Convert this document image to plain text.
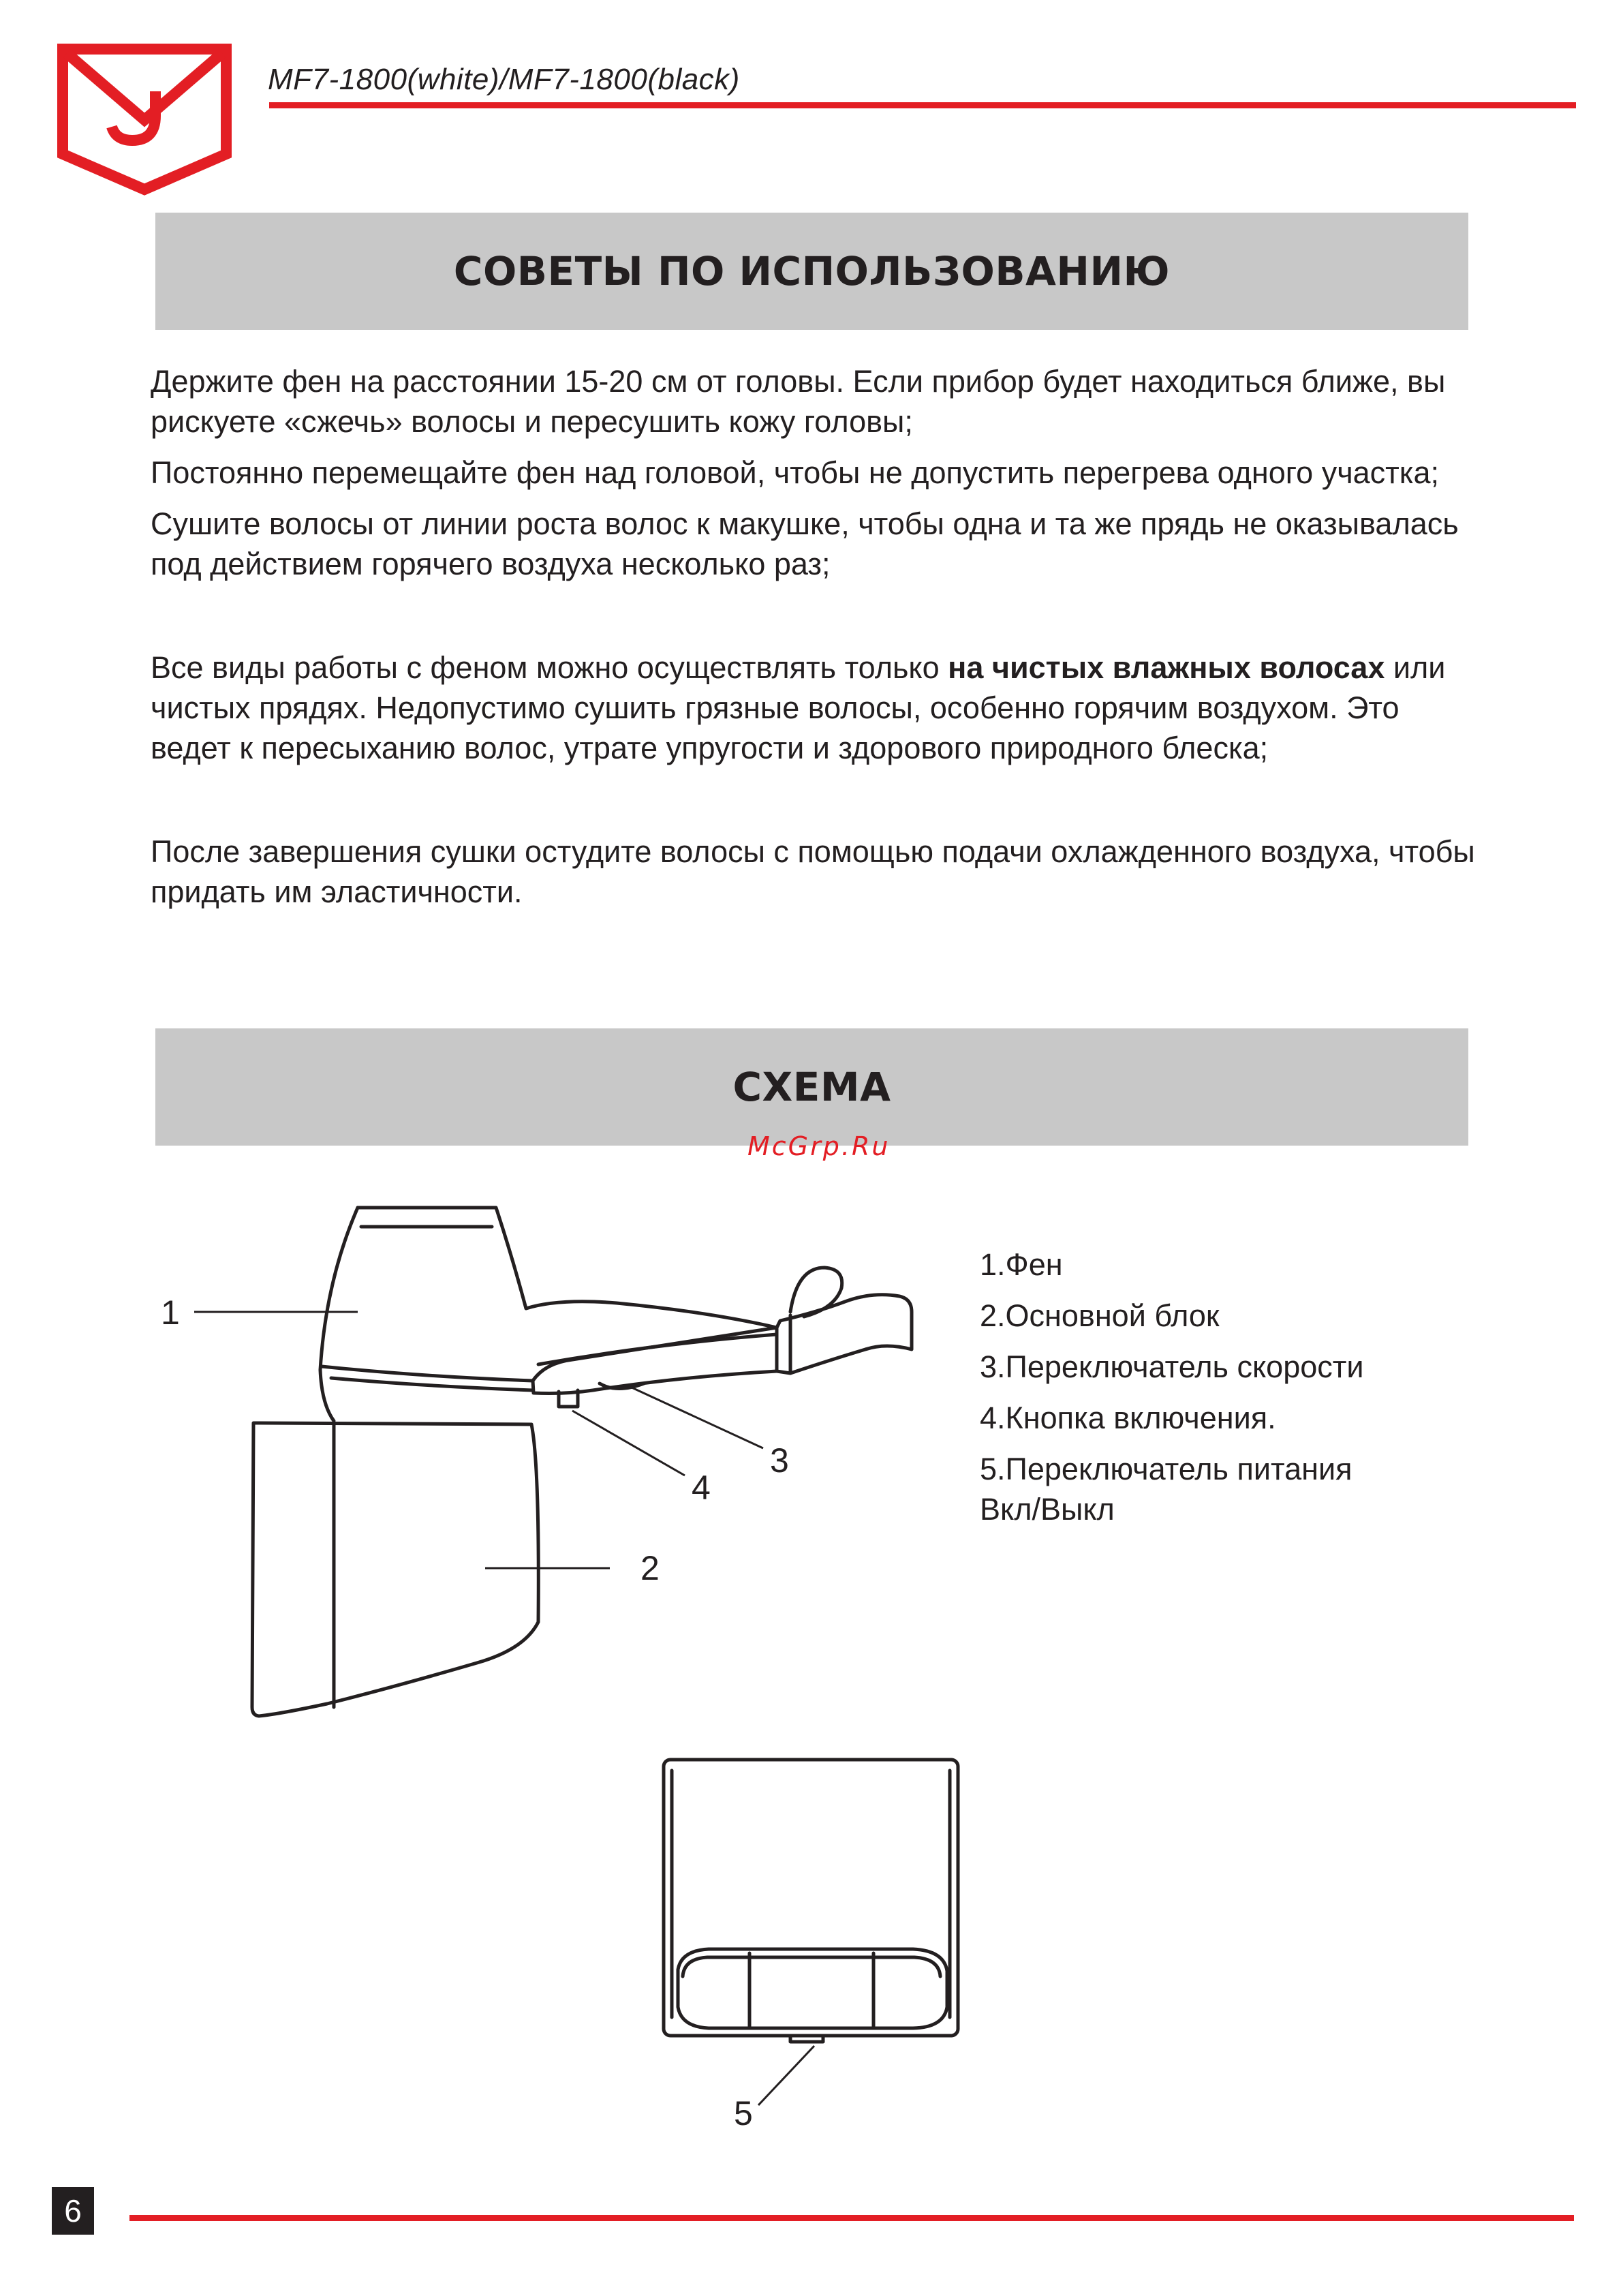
MF7-1800(white)/MF7-1800(black)
СОВЕТЫ ПО ИСПОЛЬЗОВАНИЮ

Держите фен на расстоянии 15-20 см от головы. Если прибор будет находиться ближе, вы рискуете «сжечь» волосы и пересушить кожу головы;

Постоянно перемещайте фен над головой, чтобы не допустить перегрева одного участка;

Сушите волосы от линии роста волос к макушке, чтобы одна и та же прядь не оказывалась под действием горячего воздуха несколько раз;

Все виды работы с феном можно осуществлять только на чистых влажных волосах или чистых прядях. Недопустимо сушить грязные волосы, особенно горячим воздухом. Это ведет к пересыханию волос, утрате упругости и здорового природного блеска;

После завершения сушки остудите волосы с помощью подачи охлажденного воздуха, чтобы придать им эластичности.

СХЕМА
McGrp.Ru
1
2
3
4
5

1.Фен

2.Основной блок

3.Переключатель скорости

4.Кнопка включения.

5.Переключатель питания Вкл/Выкл

6
